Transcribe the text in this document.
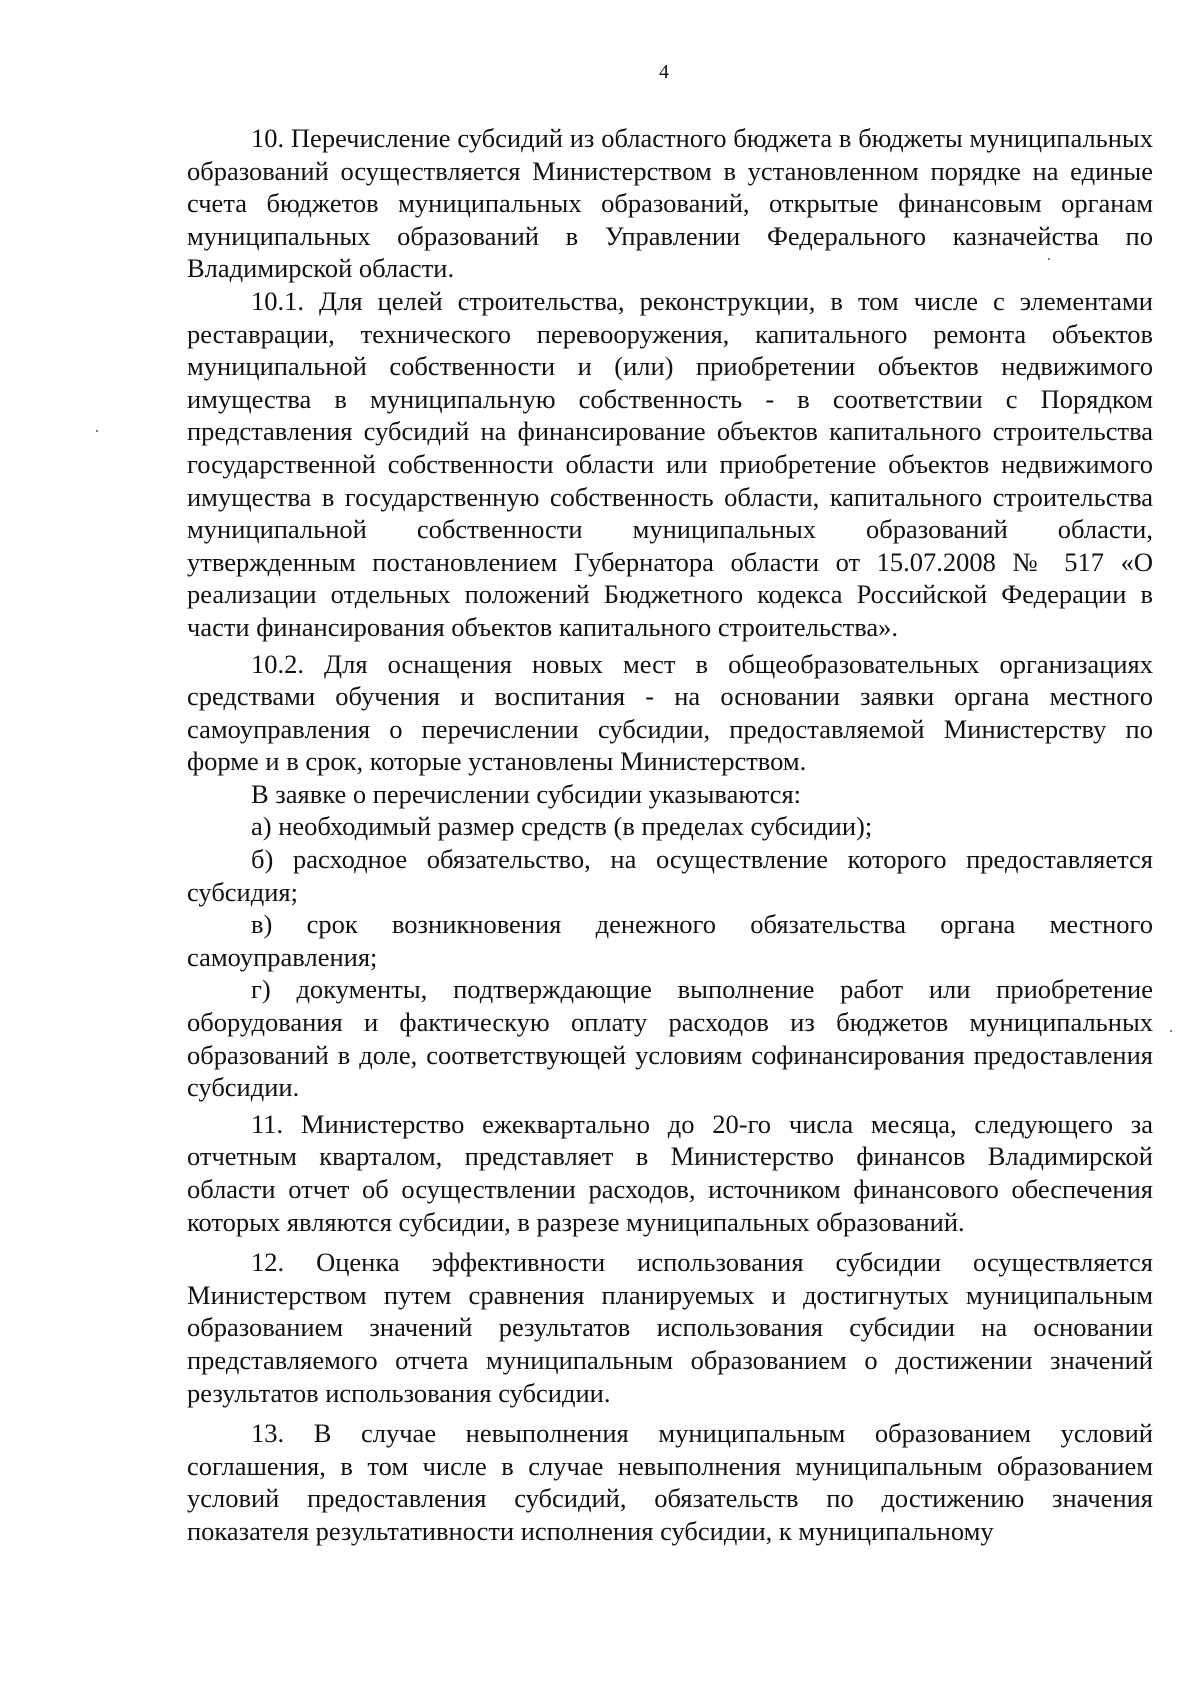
4

10. Перечисление субсидий из областного бюджета в бюджеты муниципальных образований осуществляется Министерством в установленном порядке на единые счета бюджетов муниципальных образований, открытые финансовым органам муниципальных образований в Управлении Федерального казначейства по Владимирской области.

10.1. Для целей строительства, реконструкции, в том числе с элементами реставрации, технического перевооружения, капитального ремонта объектов муниципальной собственности и (или) приобретении объектов недвижимого имущества в муниципальную собственность - в соответствии с Порядком представления субсидий на финансирование объектов капитального строительства государственной собственности области или приобретение объектов недвижимого имущества в государственную собственность области, капитального строительства муниципальной собственности муниципальных образований области, утвержденным постановлением Губернатора области от 15.07.2008 № 517 «О реализации отдельных положений Бюджетного кодекса Российской Федерации в части финансирования объектов капитального строительства».

10.2. Для оснащения новых мест в общеобразовательных организациях средствами обучения и воспитания - на основании заявки органа местного самоуправления о перечислении субсидии, предоставляемой Министерству по форме и в срок, которые установлены Министерством.

В заявке о перечислении субсидии указываются:

а) необходимый размер средств (в пределах субсидии);

б) расходное обязательство, на осуществление которого предоставляется субсидия;

в) срок возникновения денежного обязательства органа местного самоуправления;

г) документы, подтверждающие выполнение работ или приобретение оборудования и фактическую оплату расходов из бюджетов муниципальных образований в доле, соответствующей условиям софинансирования предоставления субсидии.

11. Министерство ежеквартально до 20-го числа месяца, следующего за отчетным кварталом, представляет в Министерство финансов Владимирской области отчет об осуществлении расходов, источником финансового обеспечения которых являются субсидии, в разрезе муниципальных образований.

12. Оценка эффективности использования субсидии осуществляется Министерством путем сравнения планируемых и достигнутых муниципальным образованием значений результатов использования субсидии на основании представляемого отчета муниципальным образованием о достижении значений результатов использования субсидии.

13. В случае невыполнения муниципальным образованием условий соглашения, в том числе в случае невыполнения муниципальным образованием условий предоставления субсидий, обязательств по достижению значения показателя результативности исполнения субсидии, к муниципальному
